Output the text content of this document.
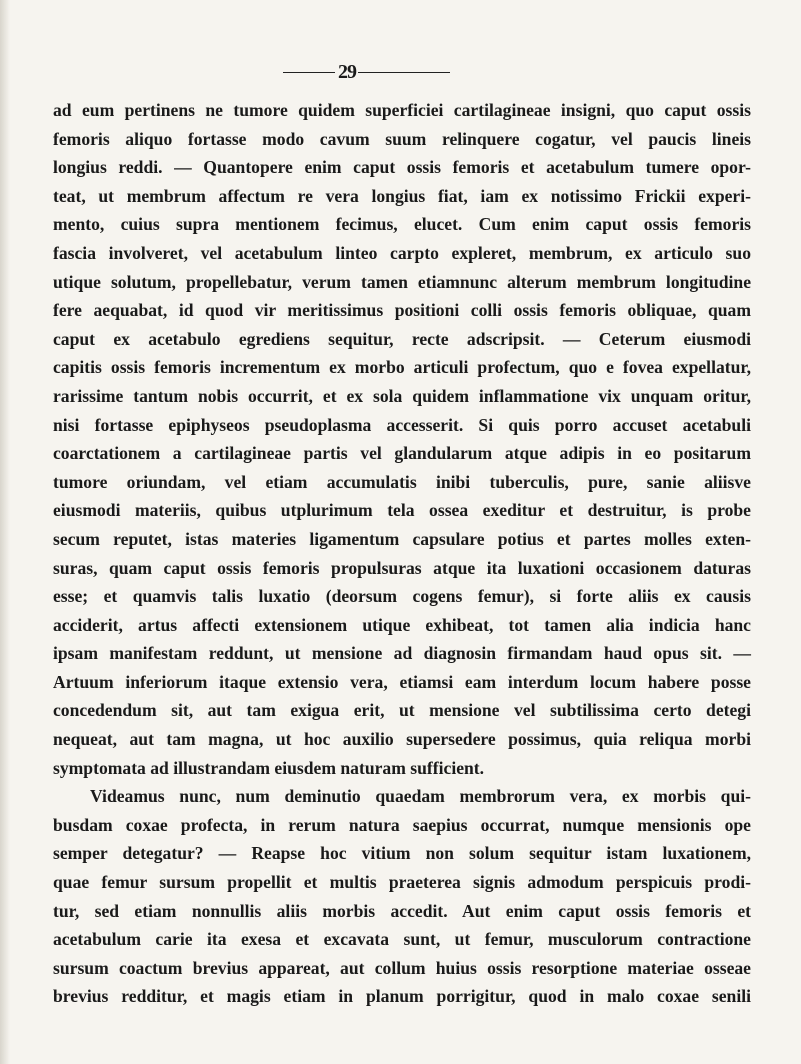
29
ad eum pertinens ne tumore quidem superficiei cartilagineae insigni, quo caput ossis
femoris aliquo fortasse modo cavum suum relinquere cogatur, vel paucis lineis
longius reddi. — Quantopere enim caput ossis femoris et acetabulum tumere opor-
teat, ut membrum affectum re vera longius fiat, iam ex notissimo Frickii experi-
mento, cuius supra mentionem fecimus, elucet. Cum enim caput ossis femoris
fascia involveret, vel acetabulum linteo carpto expleret, membrum, ex articulo suo
utique solutum, propellebatur, verum tamen etiamnunc alterum membrum longitudine
fere aequabat, id quod vir meritissimus positioni colli ossis femoris obliquae, quam
caput ex acetabulo egrediens sequitur, recte adscripsit. — Ceterum eiusmodi
capitis ossis femoris incrementum ex morbo articuli profectum, quo e fovea expellatur,
rarissime tantum nobis occurrit, et ex sola quidem inflammatione vix unquam oritur,
nisi fortasse epiphyseos pseudoplasma accesserit. Si quis porro accuset acetabuli
coarctationem a cartilagineae partis vel glandularum atque adipis in eo positarum
tumore oriundam, vel etiam accumulatis inibi tuberculis, pure, sanie aliisve
eiusmodi materiis, quibus utplurimum tela ossea exeditur et destruitur, is probe
secum reputet, istas materies ligamentum capsulare potius et partes molles exten-
suras, quam caput ossis femoris propulsuras atque ita luxationi occasionem daturas
esse; et quamvis talis luxatio (deorsum cogens femur), si forte aliis ex causis
acciderit, artus affecti extensionem utique exhibeat, tot tamen alia indicia hanc
ipsam manifestam reddunt, ut mensione ad diagnosin firmandam haud opus sit. —
Artuum inferiorum itaque extensio vera, etiamsi eam interdum locum habere posse
concedendum sit, aut tam exigua erit, ut mensione vel subtilissima certo detegi
nequeat, aut tam magna, ut hoc auxilio supersedere possimus, quia reliqua morbi
symptomata ad illustrandam eiusdem naturam sufficient.
Videamus nunc, num deminutio quaedam membrorum vera, ex morbis qui-
busdam coxae profecta, in rerum natura saepius occurrat, numque mensionis ope
semper detegatur? — Reapse hoc vitium non solum sequitur istam luxationem,
quae femur sursum propellit et multis praeterea signis admodum perspicuis prodi-
tur, sed etiam nonnullis aliis morbis accedit. Aut enim caput ossis femoris et
acetabulum carie ita exesa et excavata sunt, ut femur, musculorum contractione
sursum coactum brevius appareat, aut collum huius ossis resorptione materiae osseae
brevius redditur, et magis etiam in planum porrigitur, quod in malo coxae senili
